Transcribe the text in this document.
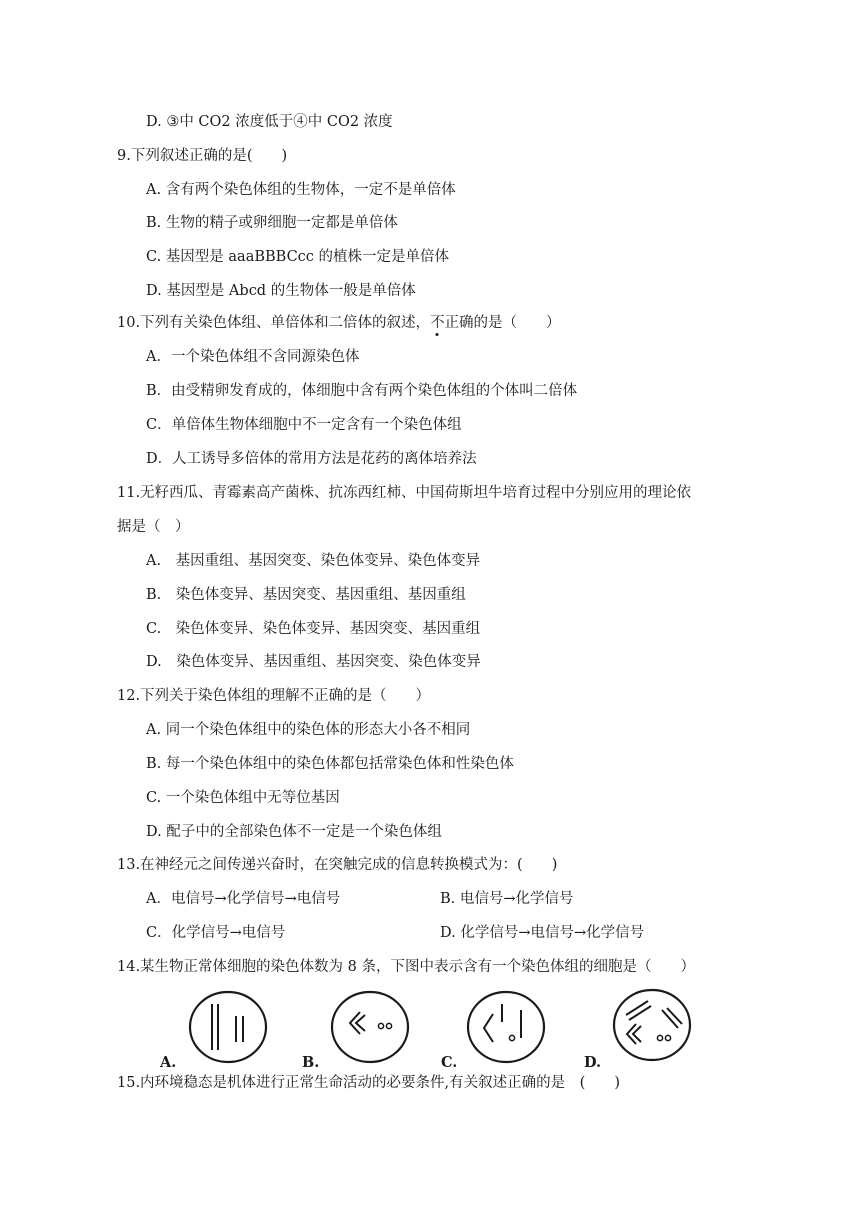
D. ③中 CO2 浓度低于④中 CO2 浓度
9.下列叙述正确的是(　　)
A. 含有两个染色体组的生物体，一定不是单倍体
B. 生物的精子或卵细胞一定都是单倍体
C. 基因型是 aaaBBBCcc 的植株一定是单倍体
D. 基因型是 Abcd 的生物体一般是单倍体
10.下列有关染色体组、单倍体和二倍体的叙述，不正确的是（　　）
A．一个染色体组不含同源染色体
B．由受精卵发育成的，体细胞中含有两个染色体组的个体叫二倍体
C．单倍体生物体细胞中不一定含有一个染色体组
D．人工诱导多倍体的常用方法是花药的离体培养法
11.无籽西瓜、青霉素高产菌株、抗冻西红柿、中国荷斯坦牛培育过程中分别应用的理论依
据是（　）
A.　基因重组、基因突变、染色体变异、染色体变异
B.　染色体变异、基因突变、基因重组、基因重组
C.　染色体变异、染色体变异、基因突变、基因重组
D.　染色体变异、基因重组、基因突变、染色体变异
12.下列关于染色体组的理解不正确的是（　　）
A. 同一个染色体组中的染色体的形态大小各不相同
B. 每一个染色体组中的染色体都包括常染色体和性染色体
C. 一个染色体组中无等位基因
D. 配子中的全部染色体不一定是一个染色体组
13.在神经元之间传递兴奋时，在突触完成的信息转换模式为：(　　)
A．电信号→化学信号→电信号	B. 电信号→化学信号
C．化学信号→电信号	D. 化学信号→电信号→化学信号
14.某生物正常体细胞的染色体数为 8 条，下图中表示含有一个染色体组的细胞是（　　）
A.	B.	C.	D.
15.内环境稳态是机体进行正常生命活动的必要条件,有关叙述正确的是　(　　)
